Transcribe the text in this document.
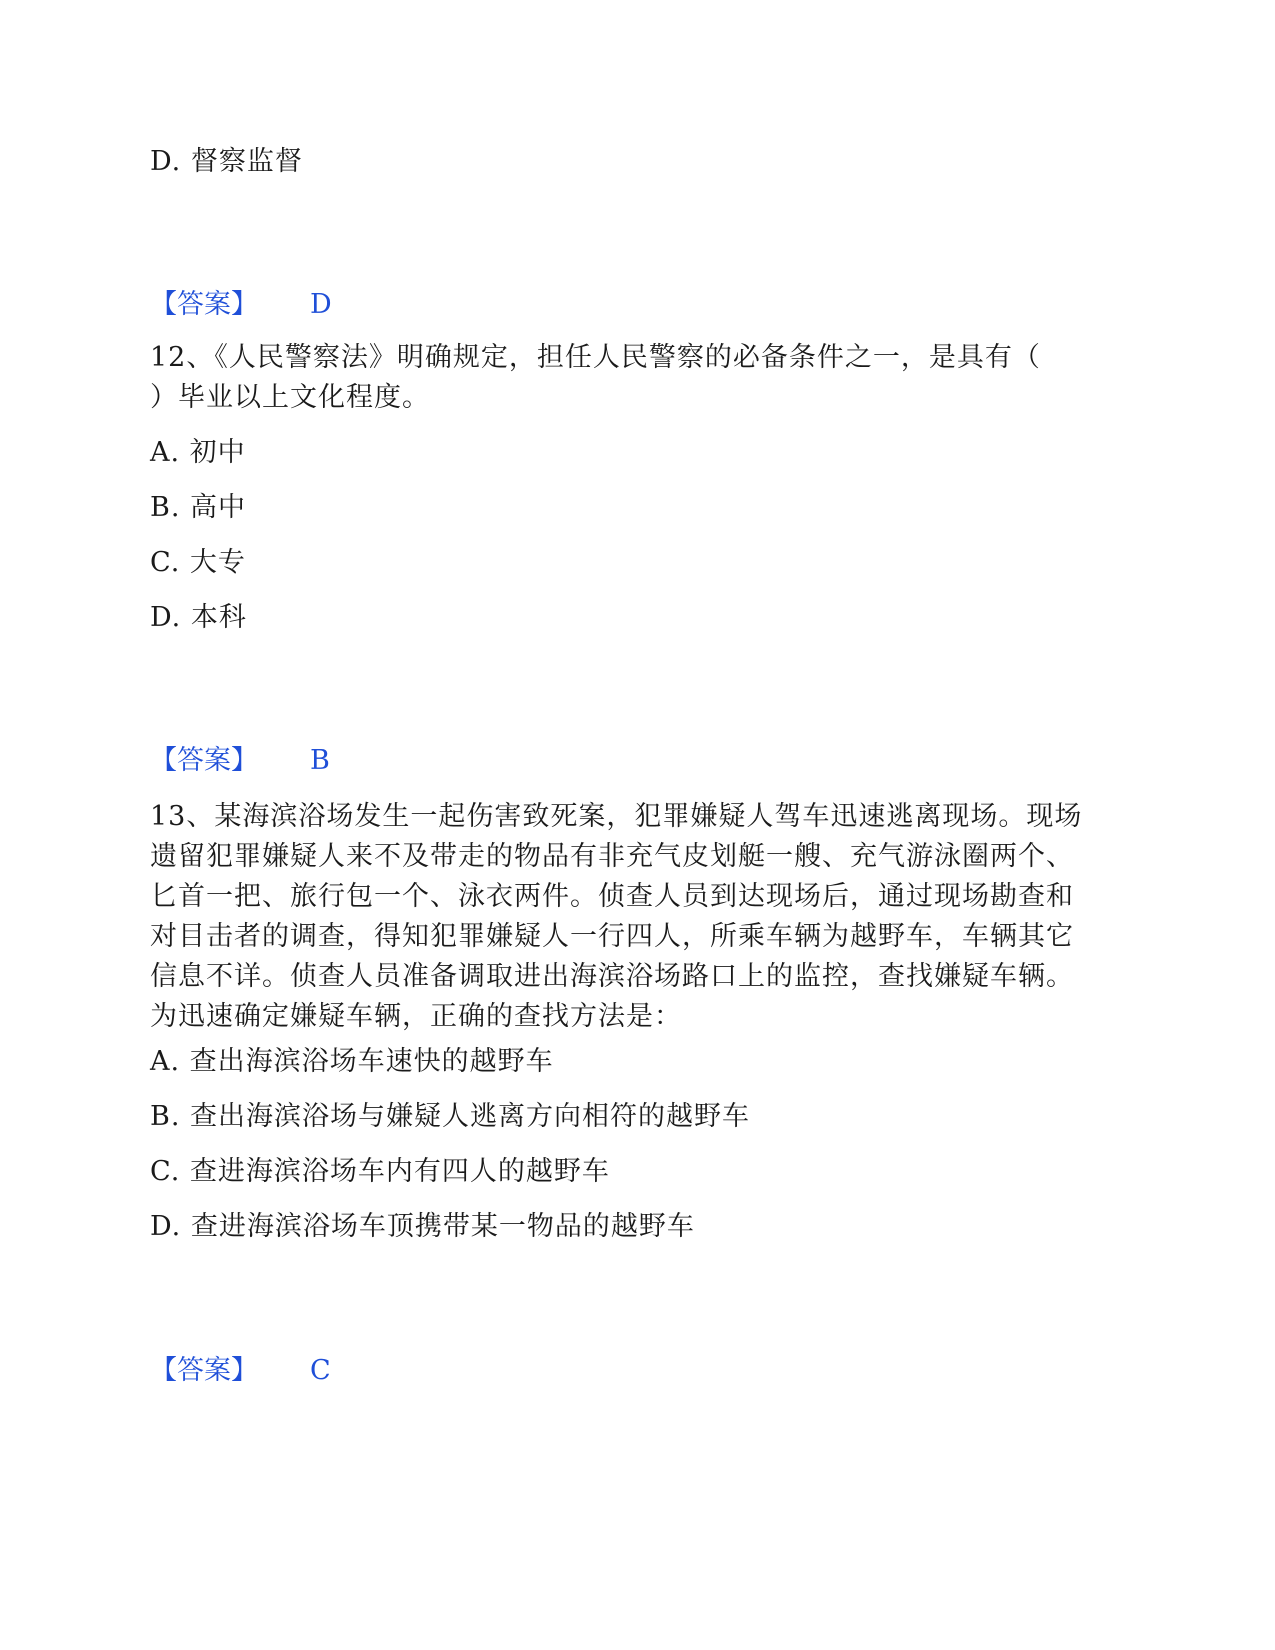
D. 督察监督
【答案】 D
12、《人民警察法》明确规定，担任人民警察的必备条件之一，是具有（
）毕业以上文化程度。
A. 初中
B. 高中
C. 大专
D. 本科
【答案】 B
13、某海滨浴场发生一起伤害致死案，犯罪嫌疑人驾车迅速逃离现场。现场
遗留犯罪嫌疑人来不及带走的物品有非充气皮划艇一艘、充气游泳圈两个、
匕首一把、旅行包一个、泳衣两件。侦查人员到达现场后，通过现场勘查和
对目击者的调查，得知犯罪嫌疑人一行四人，所乘车辆为越野车，车辆其它
信息不详。侦查人员准备调取进出海滨浴场路口上的监控，查找嫌疑车辆。
为迅速确定嫌疑车辆，正确的查找方法是：
A. 查出海滨浴场车速快的越野车
B. 查出海滨浴场与嫌疑人逃离方向相符的越野车
C. 查进海滨浴场车内有四人的越野车
D. 查进海滨浴场车顶携带某一物品的越野车
【答案】 C
